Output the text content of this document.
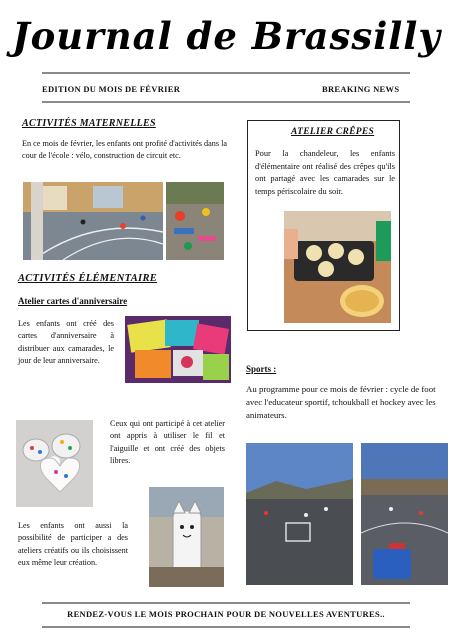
Journal de Brassilly
EDITION DU MOIS DE FÉVRIER	BREAKING NEWS
ACTIVITÉS MATERNELLES
En ce mois de février, les enfants ont profité d'activités dans la cour de l'école : vélo, construction de circuit etc.
ATELIER CRÊPES
Pour la chandeleur, les enfants d'élémentaire ont réalisé des crêpes qu'ils ont partagé avec les camarades sur le temps périscolaire du soir.
ACTIVITÉS ÉLÉMENTAIRE
Atelier cartes d'anniversaire
Les enfants ont créé des cartes d'anniversaire à distribuer aux camarades, le jour de leur anniversaire.
Ceux qui ont participé à cet atelier ont appris à utiliser le fil et l'aiguille et ont créé des objets libres.
Les enfants ont aussi la possibilité de participer a des ateliers créatifs ou ils choisissent eux même leur création.
Sports :
Au programme pour ce mois de février : cycle de foot avec l'educateur sportif, tchoukball et hockey avec les animateurs.
RENDEZ-VOUS LE MOIS PROCHAIN POUR DE NOUVELLES AVENTURES..
